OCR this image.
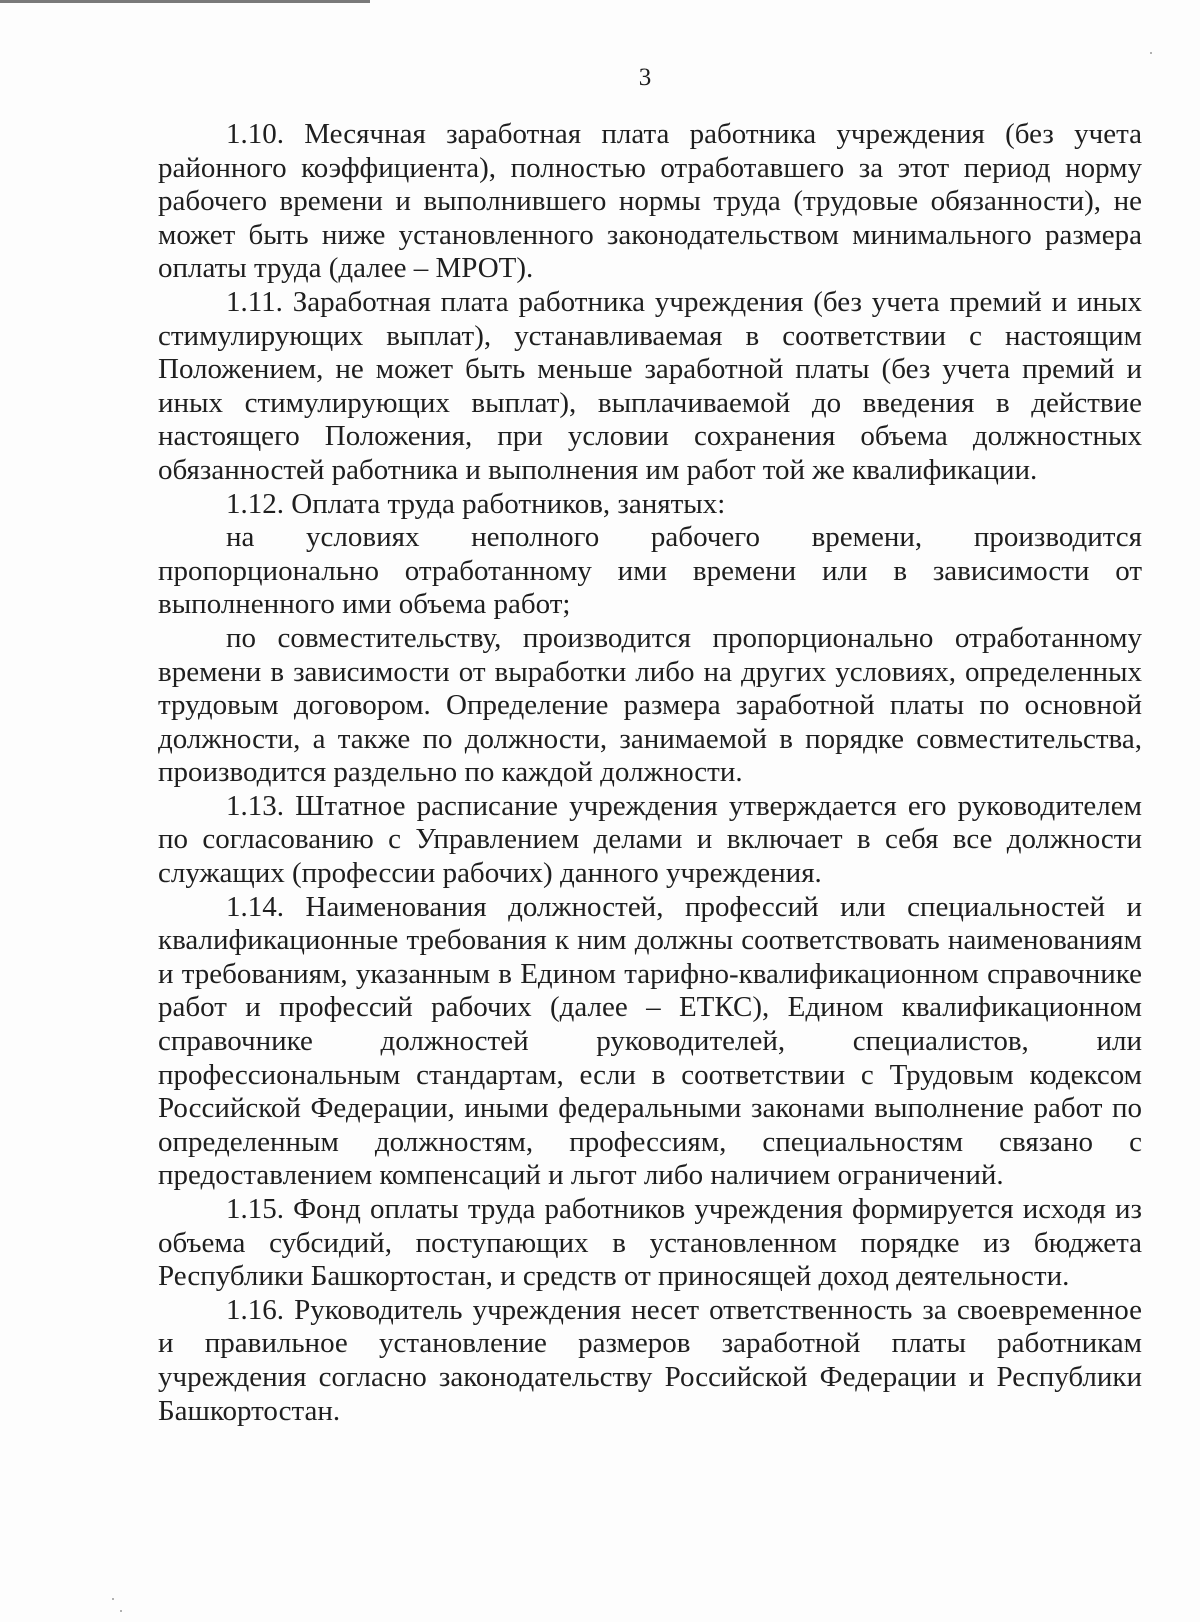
3

1.10. Месячная заработная плата работника учреждения (без учета районного коэффициента), полностью отработавшего за этот период норму рабочего времени и выполнившего нормы труда (трудовые обязанности), не может быть ниже установленного законодательством минимального размера оплаты труда (далее – МРОТ).

1.11. Заработная плата работника учреждения (без учета премий и иных стимулирующих выплат), устанавливаемая в соответствии с настоящим Положением, не может быть меньше заработной платы (без учета премий и иных стимулирующих выплат), выплачиваемой до введения в действие настоящего Положения, при условии сохранения объема должностных обязанностей работника и выполнения им работ той же квалификации.

1.12. Оплата труда работников, занятых:

на условиях неполного рабочего времени, производится пропорционально отработанному ими времени или в зависимости от выполненного ими объема работ;

по совместительству, производится пропорционально отработанному времени в зависимости от выработки либо на других условиях, определенных трудовым договором. Определение размера заработной платы по основной должности, а также по должности, занимаемой в порядке совместительства, производится раздельно по каждой должности.

1.13. Штатное расписание учреждения утверждается его руководителем по согласованию с Управлением делами и включает в себя все должности служащих (профессии рабочих) данного учреждения.

1.14. Наименования должностей, профессий или специальностей и квалификационные требования к ним должны соответствовать наименованиям и требованиям, указанным в Едином тарифно-квалификационном справочнике работ и профессий рабочих (далее – ЕТКС), Едином квалификационном справочнике должностей руководителей, специалистов, или профессиональным стандартам, если в соответствии с Трудовым кодексом Российской Федерации, иными федеральными законами выполнение работ по определенным должностям, профессиям, специальностям связано с предоставлением компенсаций и льгот либо наличием ограничений.

1.15. Фонд оплаты труда работников учреждения формируется исходя из объема субсидий, поступающих в установленном порядке из бюджета Республики Башкортостан, и средств от приносящей доход деятельности.

1.16. Руководитель учреждения несет ответственность за своевременное и правильное установление размеров заработной платы работникам учреждения согласно законодательству Российской Федерации и Республики Башкортостан.
